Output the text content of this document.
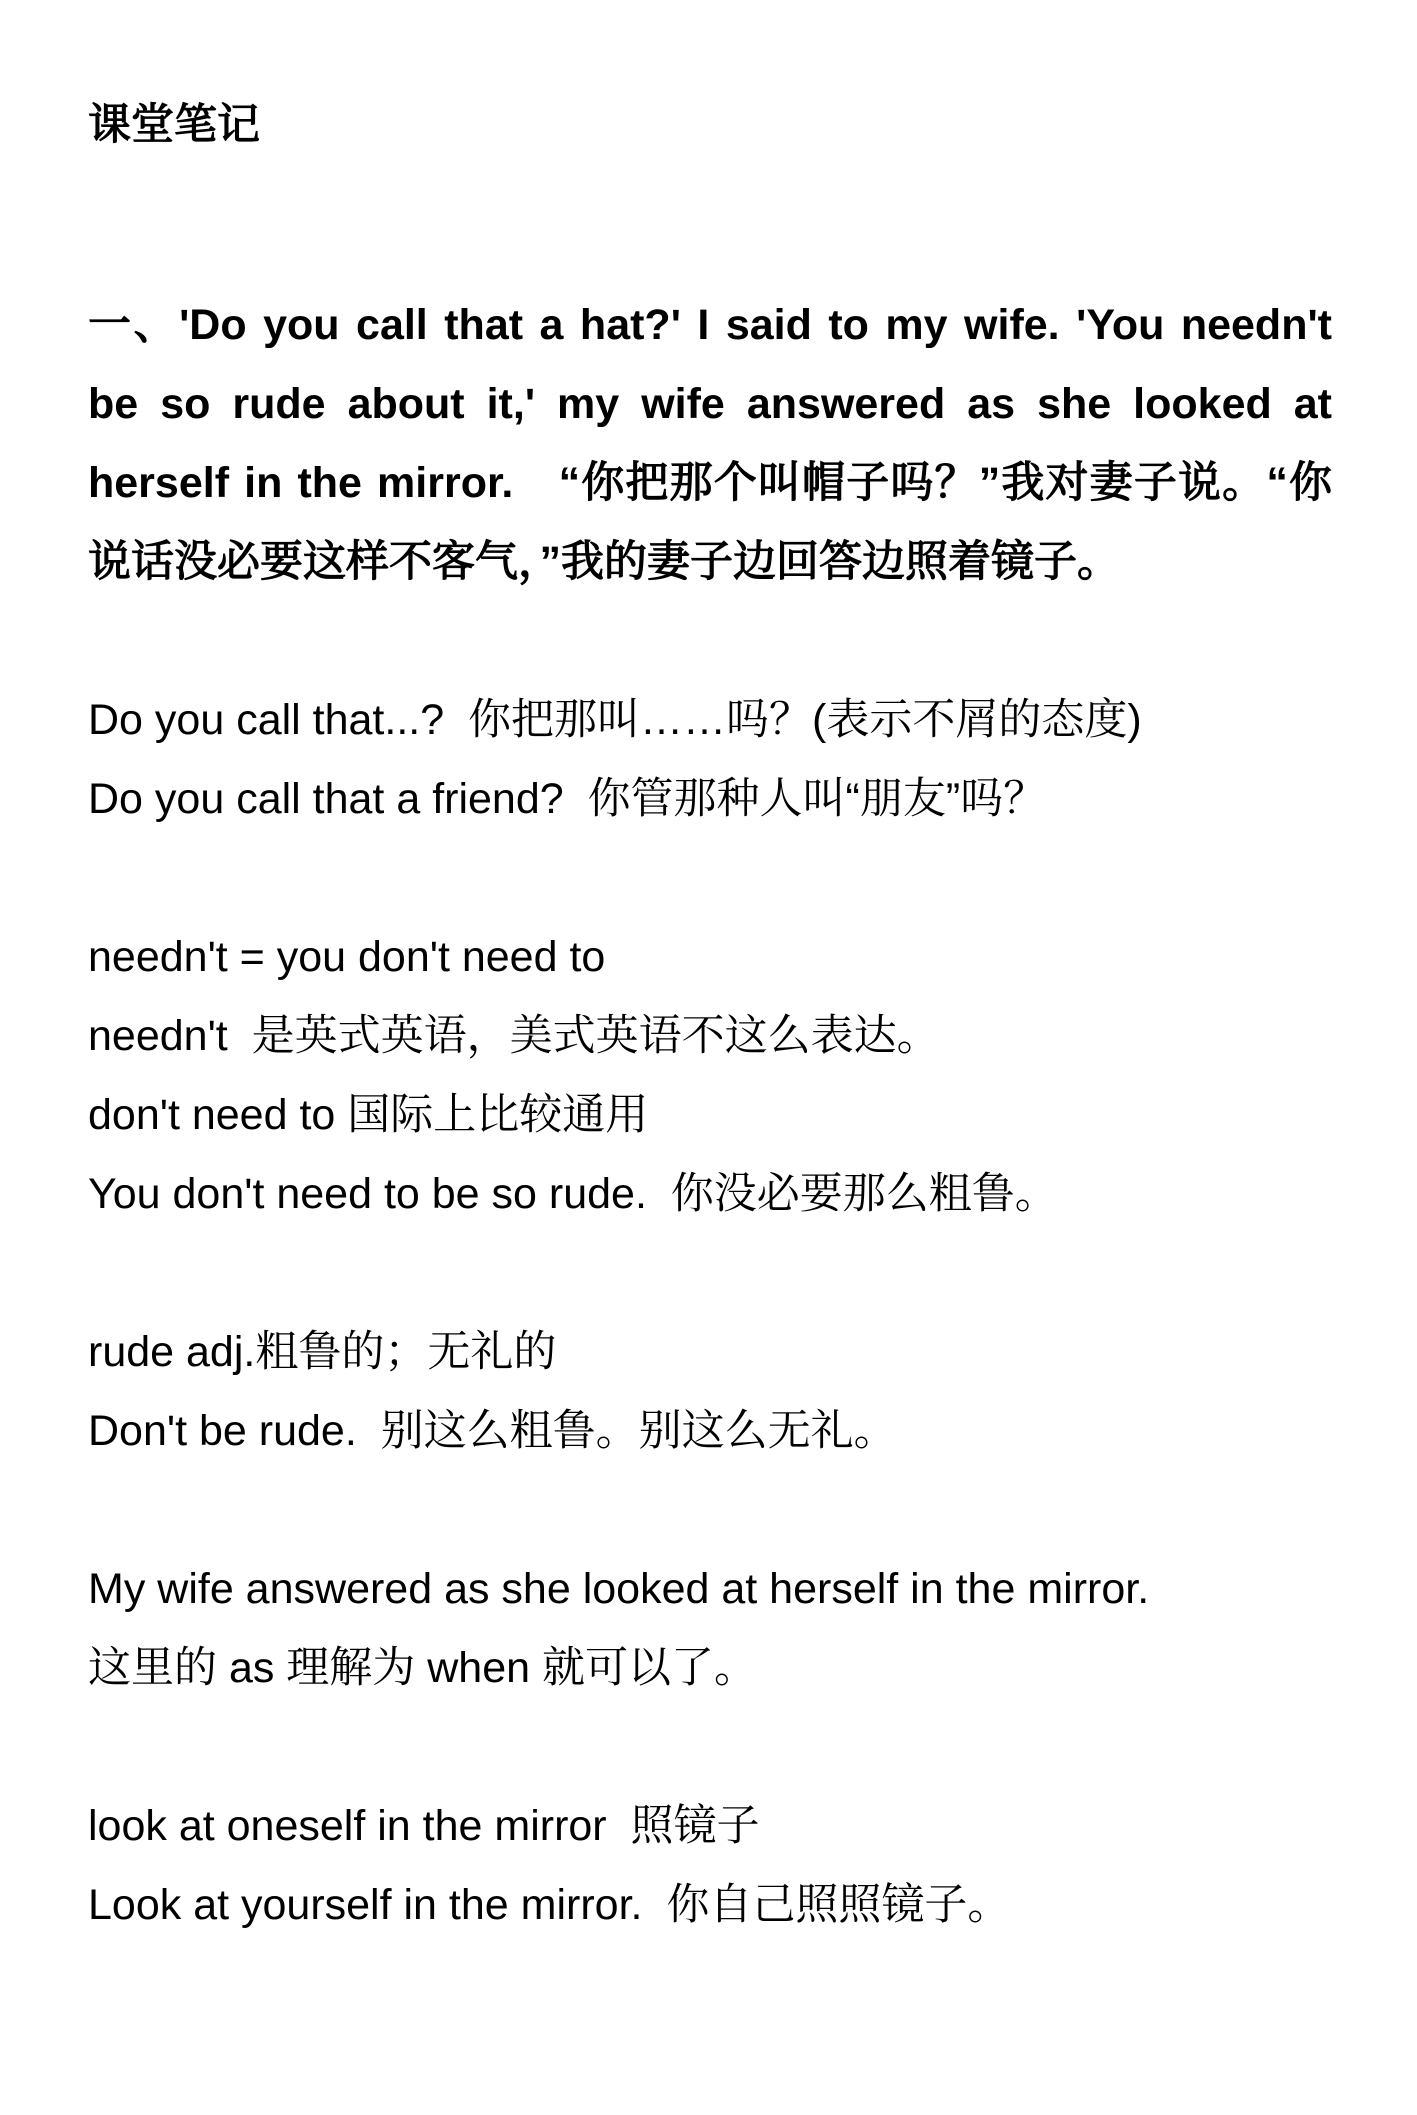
课堂笔记

一、'Do you call that a hat?' I said to my wife. 'You needn't be so rude about it,' my wife answered as she looked at herself in the mirror.　“你把那个叫帽子吗？”我对妻子说。“你说话没必要这样不客气，”我的妻子边回答边照着镜子。

Do you call that...?  你把那叫……吗？(表示不屑的态度)
Do you call that a friend?  你管那种人叫“朋友”吗？
needn't = you don't need to
needn't  是英式英语，美式英语不这么表达。
don't need to 国际上比较通用
You don't need to be so rude.  你没必要那么粗鲁。
rude adj.粗鲁的；无礼的
Don't be rude.  别这么粗鲁。别这么无礼。
My wife answered as she looked at herself in the mirror.
这里的 as 理解为 when 就可以了。
look at oneself in the mirror  照镜子
Look at yourself in the mirror.  你自己照照镜子。
